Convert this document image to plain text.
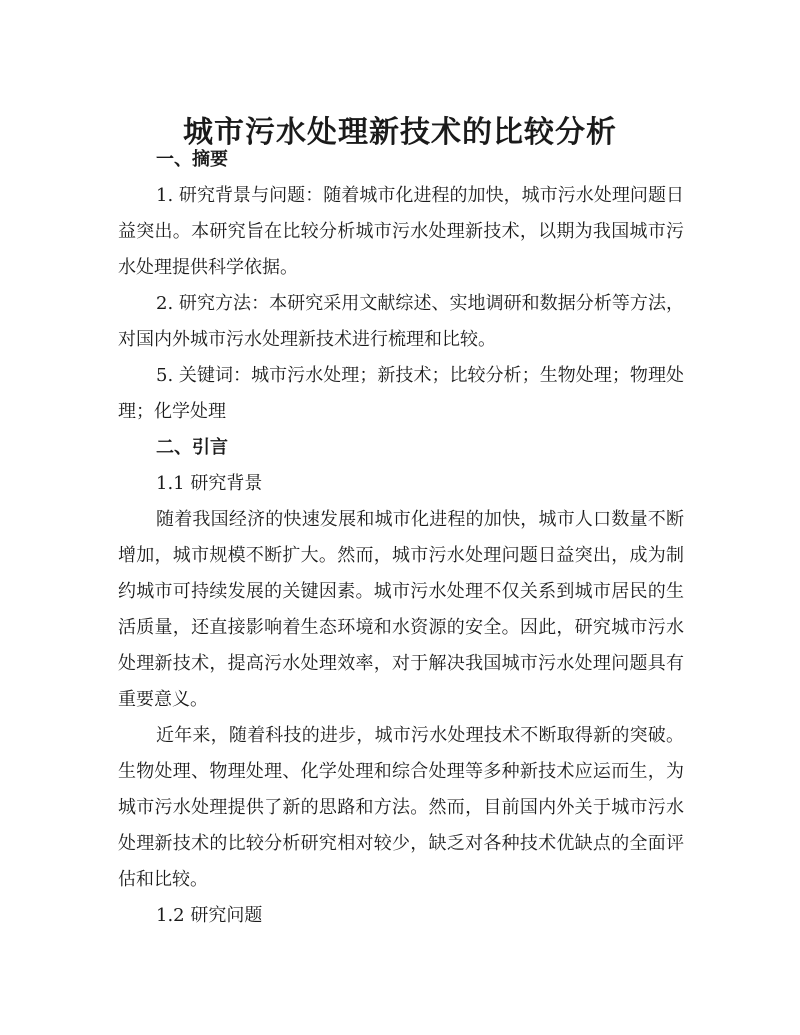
城市污水处理新技术的比较分析
一、摘要

1. 研究背景与问题：随着城市化进程的加快，城市污水处理问题日益突出。本研究旨在比较分析城市污水处理新技术，以期为我国城市污水处理提供科学依据。

2. 研究方法：本研究采用文献综述、实地调研和数据分析等方法，对国内外城市污水处理新技术进行梳理和比较。

5. 关键词：城市污水处理；新技术；比较分析；生物处理；物理处理；化学处理

二、引言
1.1 研究背景

随着我国经济的快速发展和城市化进程的加快，城市人口数量不断增加，城市规模不断扩大。然而，城市污水处理问题日益突出，成为制约城市可持续发展的关键因素。城市污水处理不仅关系到城市居民的生活质量，还直接影响着生态环境和水资源的安全。因此，研究城市污水处理新技术，提高污水处理效率，对于解决我国城市污水处理问题具有重要意义。

近年来，随着科技的进步，城市污水处理技术不断取得新的突破。生物处理、物理处理、化学处理和综合处理等多种新技术应运而生，为城市污水处理提供了新的思路和方法。然而，目前国内外关于城市污水处理新技术的比较分析研究相对较少，缺乏对各种技术优缺点的全面评估和比较。

1.2 研究问题
